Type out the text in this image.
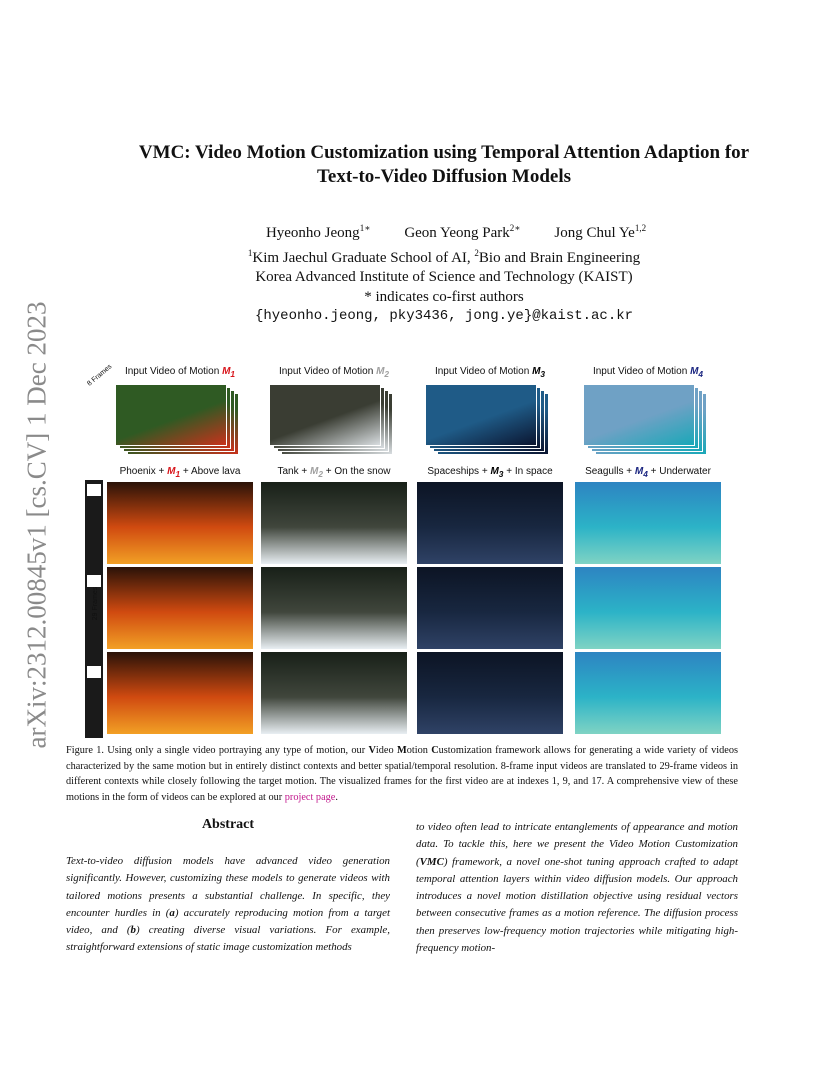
arXiv:2312.00845v1 [cs.CV] 1 Dec 2023
VMC: Video Motion Customization using Temporal Attention Adaption for
Text-to-Video Diffusion Models
Hyeonho Jeong$^{1∗}$ Geon Yeong Park$^{2∗}$ Jong Chul Ye$^{1,2}$
$^1$Kim Jaechul Graduate School of AI, $^2$Bio and Brain Engineering
Korea Advanced Institute of Science and Technology (KAIST)
* indicates co-first authors
{hyeonho.jeong, pky3436, jong.ye}@kaist.ac.kr
8 Frames
29 Frames
Input Video of Motion $M_1$
Phoenix + $M_1$ + Above lava
Input Video of Motion $M_2$
Tank + $M_2 + On$ the snow
Input Video of Motion $M_3$
Spaceships + $M_3 + In$ space
Input Video of Motion $M_4$
Seagulls + $M_4$ + Underwater
Figure 1. Using only a single video portraying any type of motion, our Video Motion Customization framework allows for generating a wide variety of videos characterized by the same motion but in entirely distinct contexts and better spatial/temporal resolution. 8-frame input videos are translated to 29-frame videos in different contexts while closely following the target motion. The visualized frames for the first video are at indexes 1, 9, and 17. A comprehensive view of these motions in the form of videos can be explored at our project page.
Abstract
Text-to-video diffusion models have advanced video generation significantly. However, customizing these models to generate videos with tailored motions presents a substantial challenge. In specific, they encounter hurdles in (a) accurately reproducing motion from a target video, and (b) creating diverse visual variations. For example, straightforward extensions of static image customization methods
to video often lead to intricate entanglements of appearance and motion data. To tackle this, here we present the Video Motion Customization (VMC) framework, a novel one-shot tuning approach crafted to adapt temporal attention layers within video diffusion models. Our approach introduces a novel motion distillation objective using residual vectors between consecutive frames as a motion reference. The diffusion process then preserves low-frequency motion trajectories while mitigating high-frequency motion-
